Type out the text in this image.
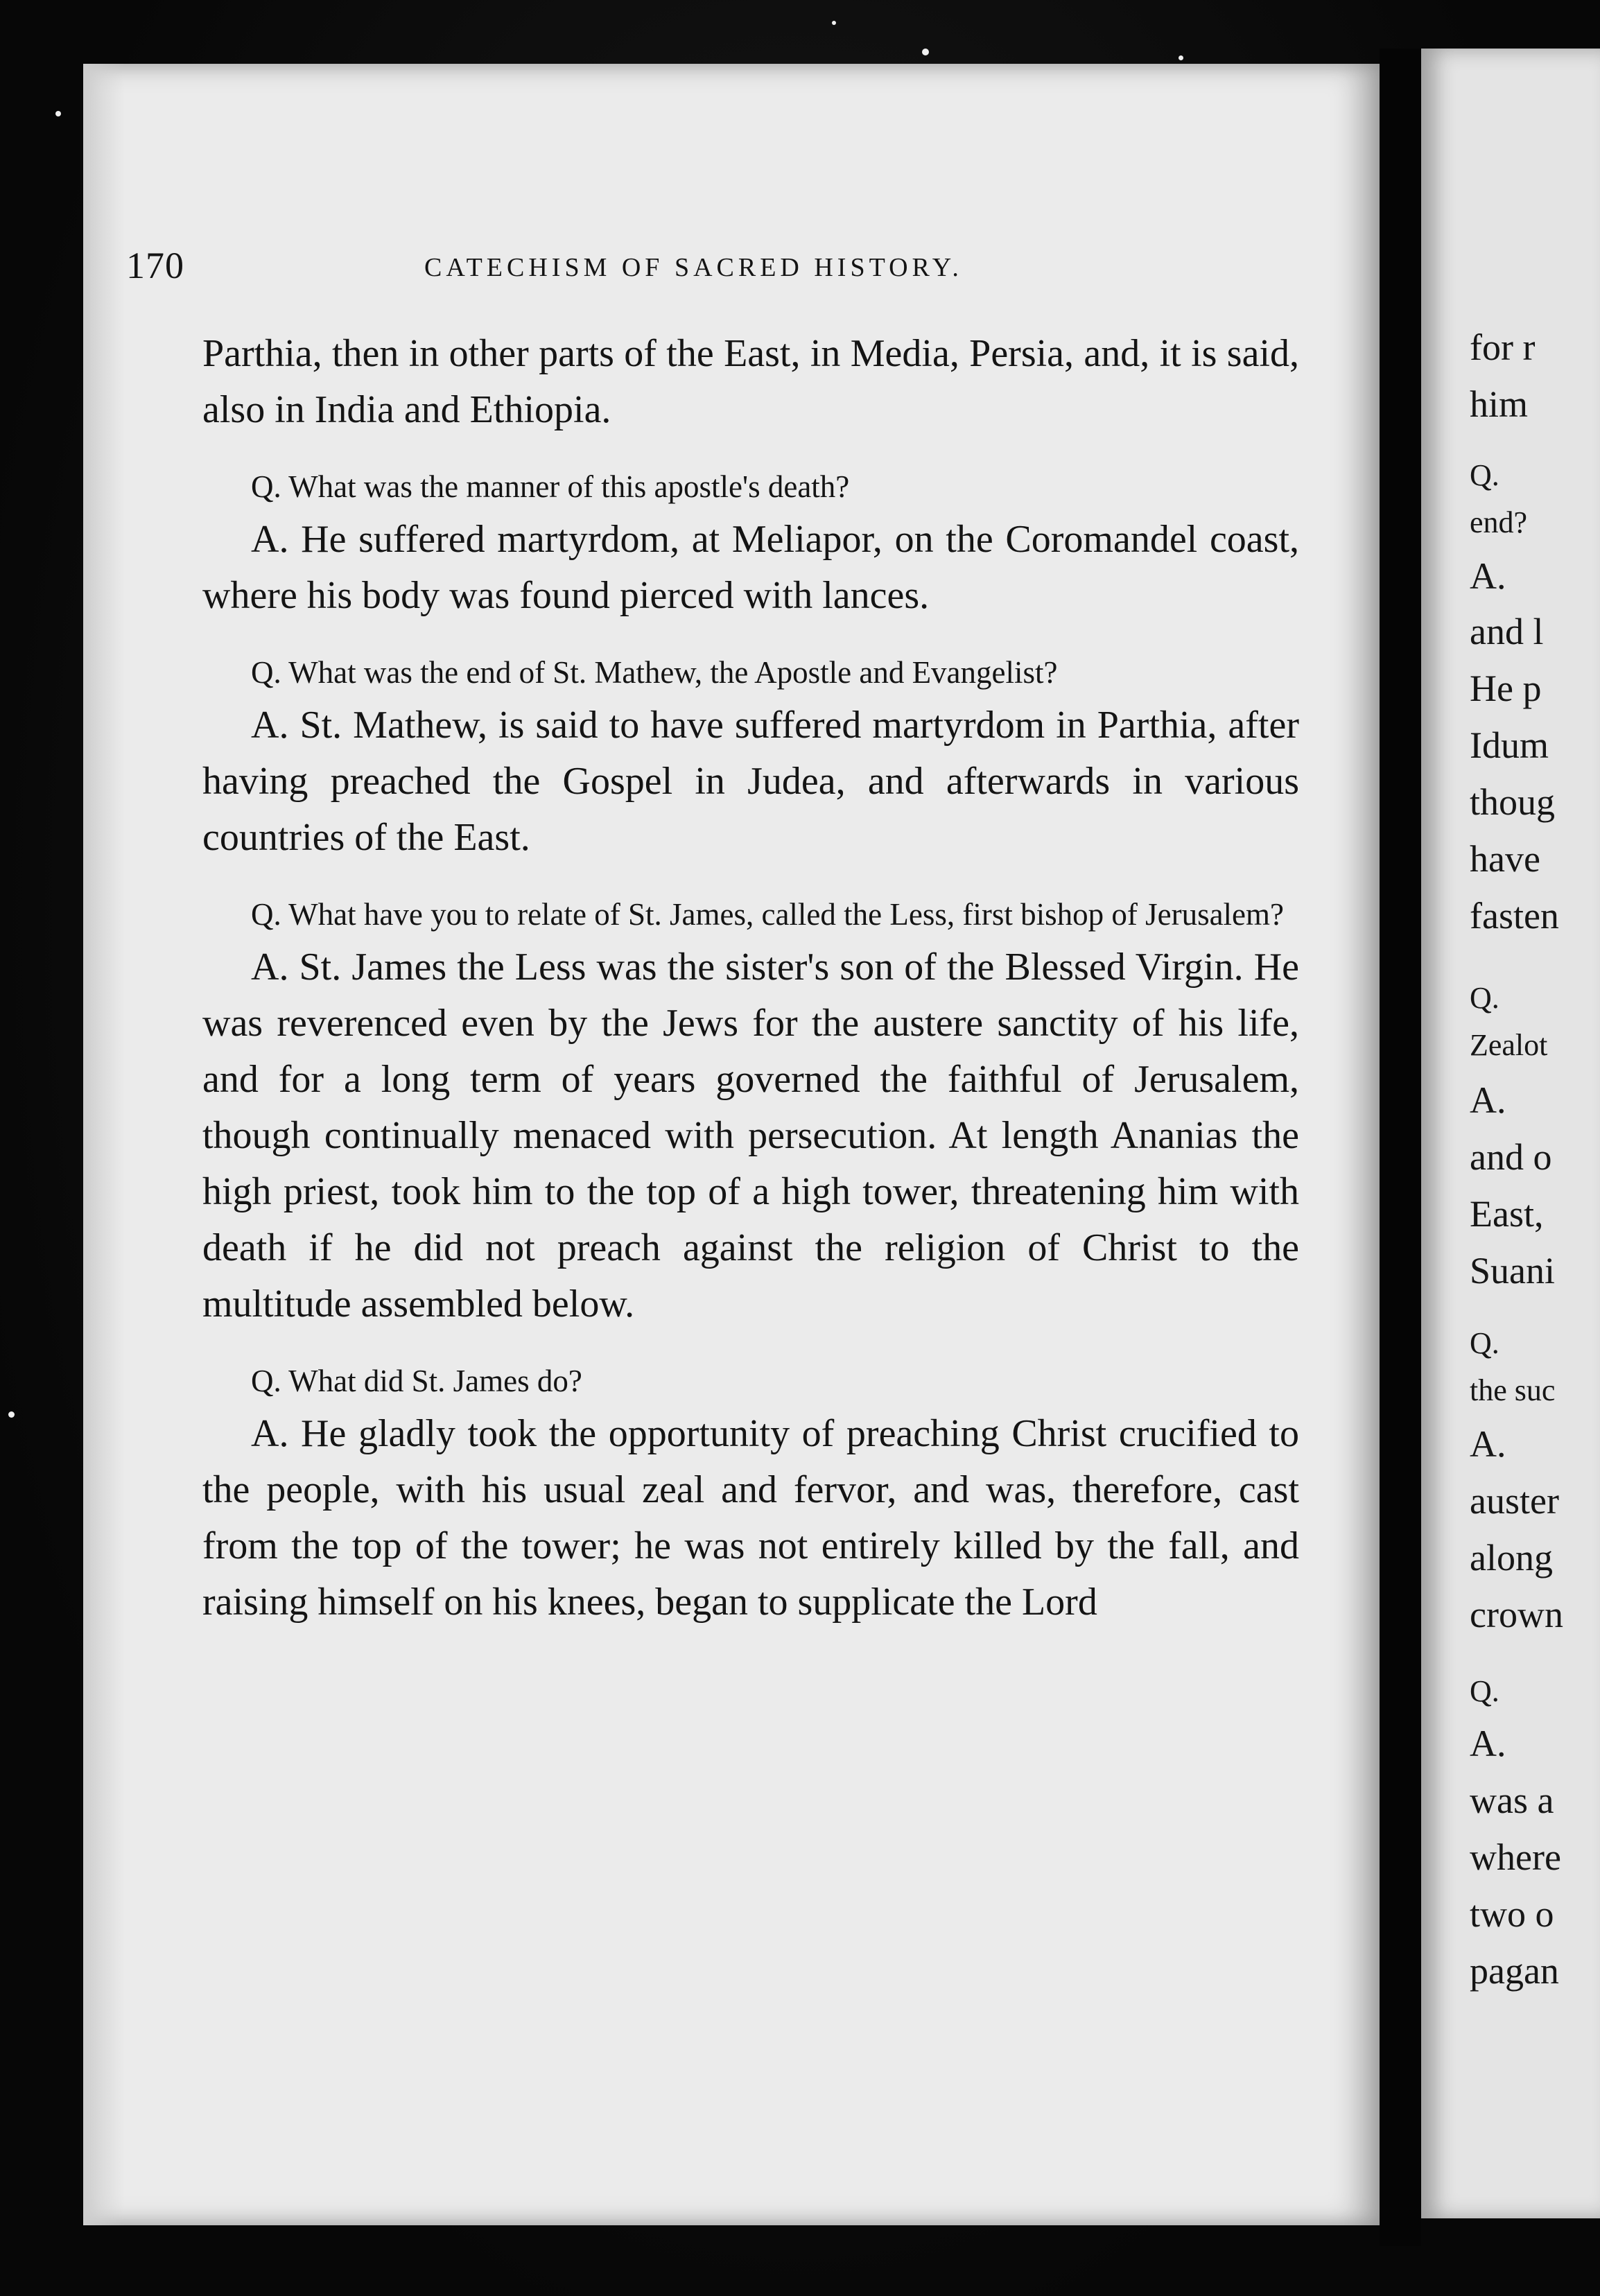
170	CATECHISM OF SACRED HISTORY.

Parthia, then in other parts of the East, in Media, Persia, and, it is said, also in India and Ethiopia.

Q. What was the manner of this apostle's death?

A. He suffered martyrdom, at Meliapor, on the Coromandel coast, where his body was found pierced with lances.

Q. What was the end of St. Mathew, the Apostle and Evangelist?

A. St. Mathew, is said to have suffered martyrdom in Parthia, after having preached the Gospel in Judea, and afterwards in various countries of the East.

Q. What have you to relate of St. James, called the Less, first bishop of Jerusalem?

A. St. James the Less was the sister's son of the Blessed Virgin. He was reverenced even by the Jews for the austere sanctity of his life, and for a long term of years governed the faithful of Jerusalem, though continually menaced with persecution. At length Ananias the high priest, took him to the top of a high tower, threatening him with death if he did not preach against the religion of Christ to the multitude assembled below.

Q. What did St. James do?

A. He gladly took the opportunity of preaching Christ crucified to the people, with his usual zeal and fervor, and was, therefore, cast from the top of the tower; he was not entirely killed by the fall, and raising himself on his knees, began to supplicate the Lord

for r
him
Q.
end?
A.
and l
He p
Idum
thoug
have
fasten
Q.
Zealot
A.
and o
East,
Suani
Q.
the suc
A.
auster
along
crown
Q.
A.
was a
where
two o
pagan
